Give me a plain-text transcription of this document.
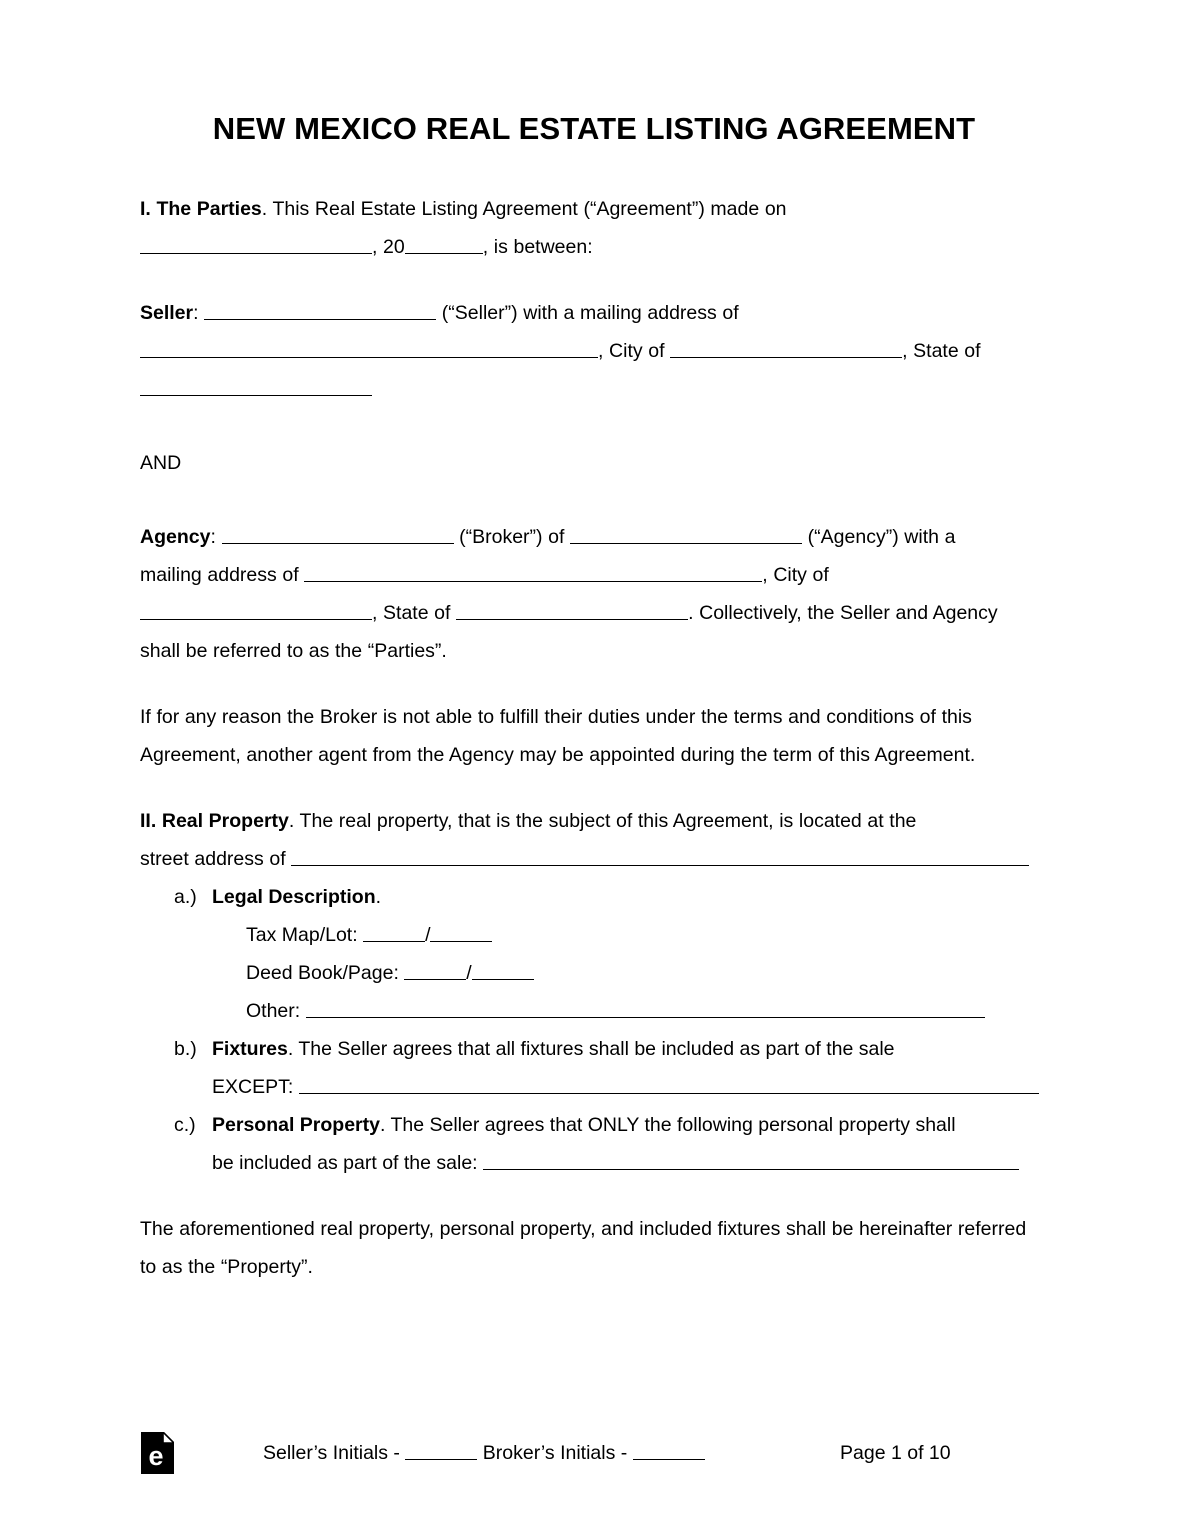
NEW MEXICO REAL ESTATE LISTING AGREEMENT

I. The Parties. This Real Estate Listing Agreement (“Agreement”) made on

, 20	, is between:

Seller:	(“Seller”) with a mailing address of

, City of	, State of

AND

Agency:	(“Broker”) of	(“Agency”) with a

mailing address of	, City of

, State of	. Collectively, the Seller and Agency

shall be referred to as the “Parties”.

If for any reason the Broker is not able to fulfill their duties under the terms and conditions of this Agreement, another agent from the Agency may be appointed during the term of this Agreement.

II. Real Property. The real property, that is the subject of this Agreement, is located at the

street address of

a.) Legal Description.
Tax Map/Lot:	/
Deed Book/Page:	/
Other:
b.) Fixtures. The Seller agrees that all fixtures shall be included as part of the sale
EXCEPT:
c.) Personal Property. The Seller agrees that ONLY the following personal property shall
be included as part of the sale:

The aforementioned real property, personal property, and included fixtures shall be hereinafter referred to as the “Property”.

e	Seller’s Initials -	Broker’s Initials -	Page 1 of 10
